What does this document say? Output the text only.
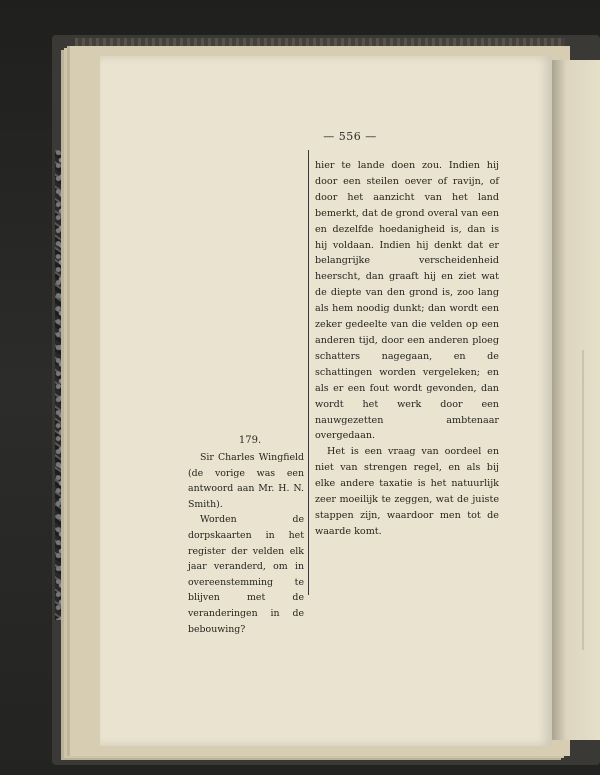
— 556 —

hier te lande doen zou. Indien hij door een steilen oever of ravijn, of door het aanzicht van het land bemerkt, dat de grond overal van een en dezelfde hoedanigheid is, dan is hij voldaan. Indien hij denkt dat er belangrijke verscheidenheid heerscht, dan graaft hij en ziet wat de diepte van den grond is, zoo lang als hem noodig dunkt; dan wordt een zeker gedeelte van die velden op een anderen tijd, door een anderen ploeg schatters nagegaan, en de schattingen worden vergeleken; en als er een fout wordt gevonden, dan wordt het werk door een nauwgezetten ambtenaar overgedaan.

Het is een vraag van oordeel en niet van strengen regel, en als bij elke andere taxatie is het natuurlijk zeer moeilijk te zeggen, wat de juiste stappen zijn, waardoor men tot de waarde komt.

179.

Sir Charles Wingfield (de vorige was een antwoord aan Mr. H. N. Smith).

Worden de dorpskaarten in het register der velden elk jaar veranderd, om in overeenstemming te blijven met de veranderingen in de bebouwing?
